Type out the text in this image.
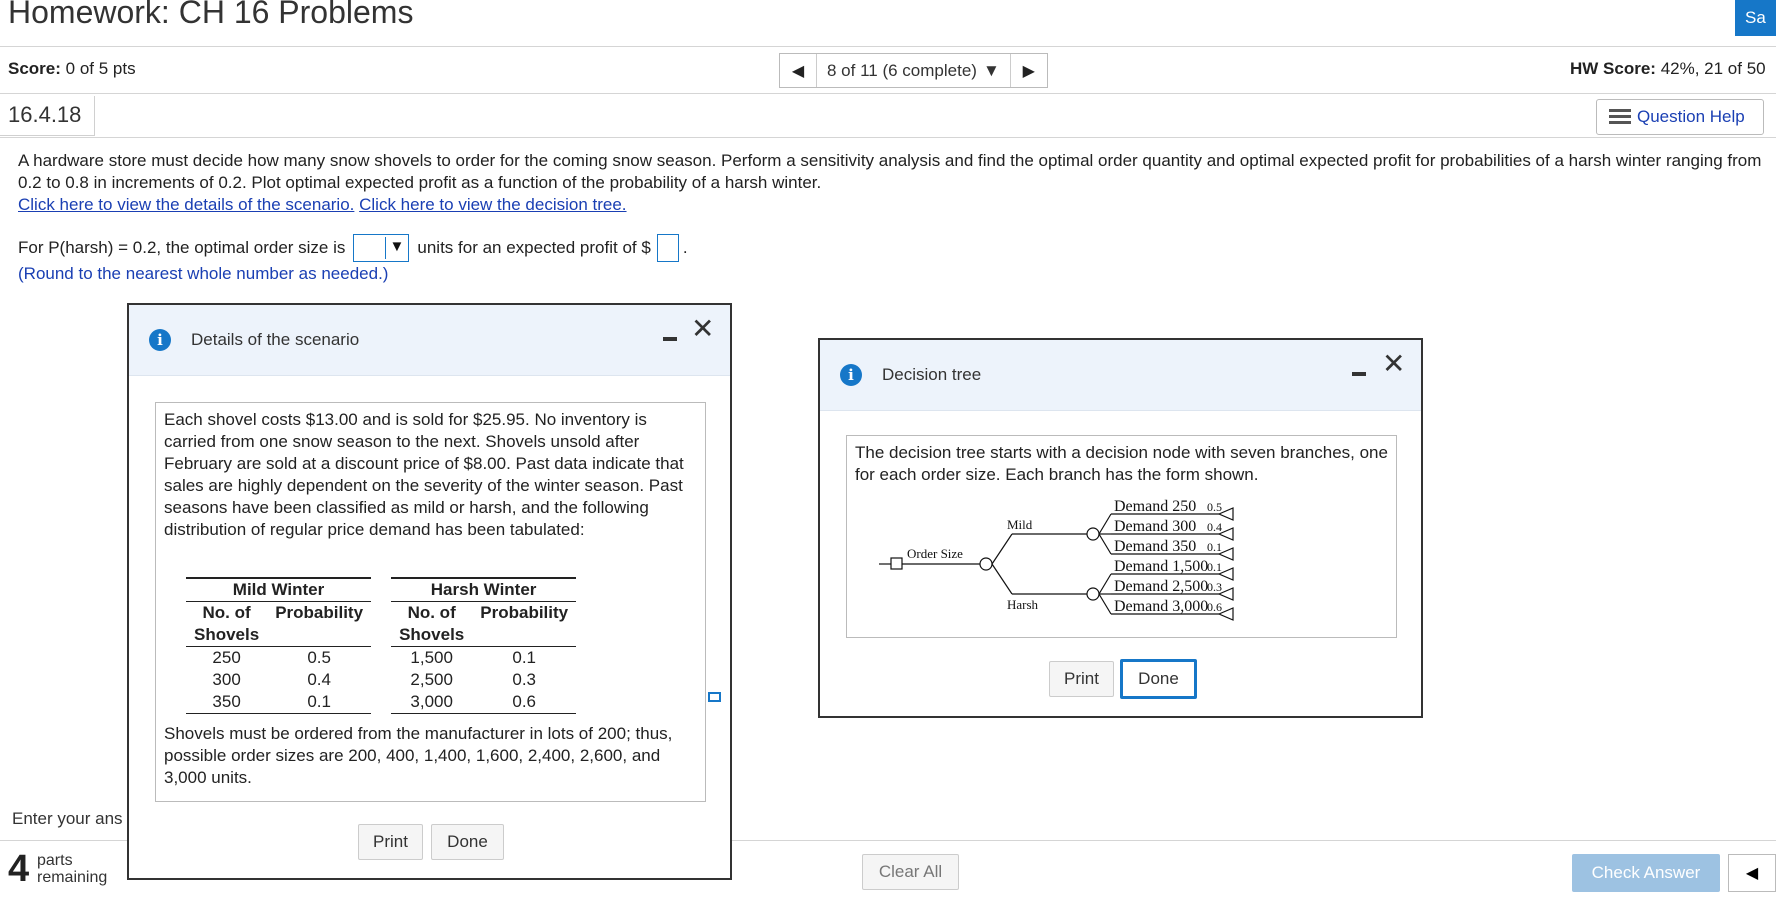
Homework: CH 16 Problems	Sa
Score: 0 of 5 pts	◀	8 of 11 (6 complete) ▼	▶	HW Score: 42%, 21 of 50
16.4.18	Question Help
A hardware store must decide how many snow shovels to order for the coming snow season. Perform a sensitivity analysis and find the optimal order quantity and optimal expected profit for probabilities of a harsh winter ranging from 0.2 to 0.8 in increments of 0.2. Plot optimal expected profit as a function of the probability of a harsh winter.
Click here to view the details of the scenario. Click here to view the decision tree.
For P(harsh) = 0.2, the optimal order size is	▼ units for an expected profit of $ .
(Round to the nearest whole number as needed.)
Enter your ans
4 parts
remaining	Clear All	Check Answer	◀
i	Details of the scenario	✕

Each shovel costs $13.00 and is sold for $25.95. No inventory is carried from one snow season to the next. Shovels unsold after February are sold at a discount price of $8.00. Past data indicate that sales are highly dependent on the severity of the winter season. Past seasons have been classified as mild or harsh, and the following distribution of regular price demand has been tabulated:

Mild Winter			Harsh Winter	
No. of	Probability		No. of	Probability
Shovels			Shovels	
250	0.5		1,500	0.1
300	0.4		2,500	0.3
350	0.1		3,000	0.6

Shovels must be ordered from the manufacturer in lots of 200; thus, possible order sizes are 200, 400, 1,400, 1,600, 2,400, 2,600, and 3,000 units.

Print	Done
i	Decision tree	✕
The decision tree starts with a decision node with seven branches, one for each order size. Each branch has the form shown.
Order Size
Mild
Harsh
Demand 250
Demand 300
Demand 350
Demand 1,500
Demand 2,500
Demand 3,000
0.5
0.4
0.1
0.1
0.3
0.6
Print	Done
